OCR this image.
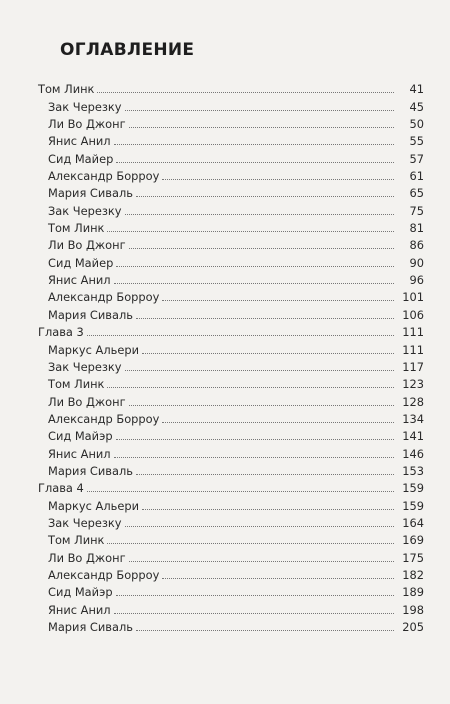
ОГЛАВЛЕНИЕ
Том Линк	41
Зак Черезку	45
Ли Во Джонг	50
Янис Анил	55
Сид Майер	57
Александр Борроу	61
Мария Сиваль	65
Зак Черезку	75
Том Линк	81
Ли Во Джонг	86
Сид Майер	90
Янис Анил	96
Александр Борроу	101
Мария Сиваль	106
Глава 3	111
Маркус Альери	111
Зак Черезку	117
Том Линк	123
Ли Во Джонг	128
Александр Борроу	134
Сид Майэр	141
Янис Анил	146
Мария Сиваль	153
Глава 4	159
Маркус Альери	159
Зак Черезку	164
Том Линк	169
Ли Во Джонг	175
Александр Борроу	182
Сид Майэр	189
Янис Анил	198
Мария Сиваль	205
